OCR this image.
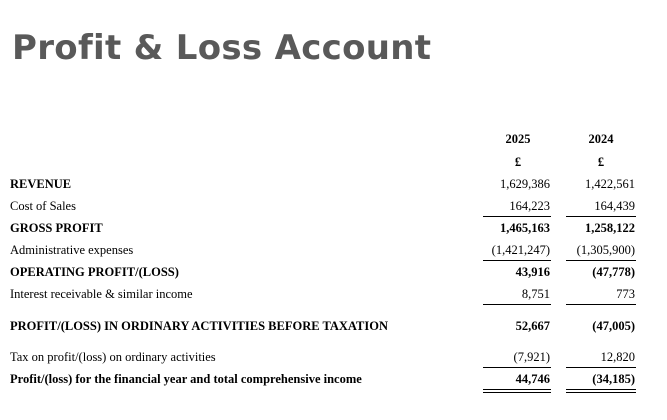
Profit & Loss Account
2025	2024
£	£
REVENUE	1,629,386	1,422,561
Cost of Sales	164,223	164,439
GROSS PROFIT	1,465,163	1,258,122
Administrative expenses	(1,421,247)	(1,305,900)
OPERATING PROFIT/(LOSS)	43,916	(47,778)
Interest receivable & similar income	8,751	773
PROFIT/(LOSS) IN ORDINARY ACTIVITIES BEFORE TAXATION	52,667	(47,005)
Tax on profit/(loss) on ordinary activities	(7,921)	12,820
Profit/(loss) for the financial year and total comprehensive income	44,746	(34,185)
